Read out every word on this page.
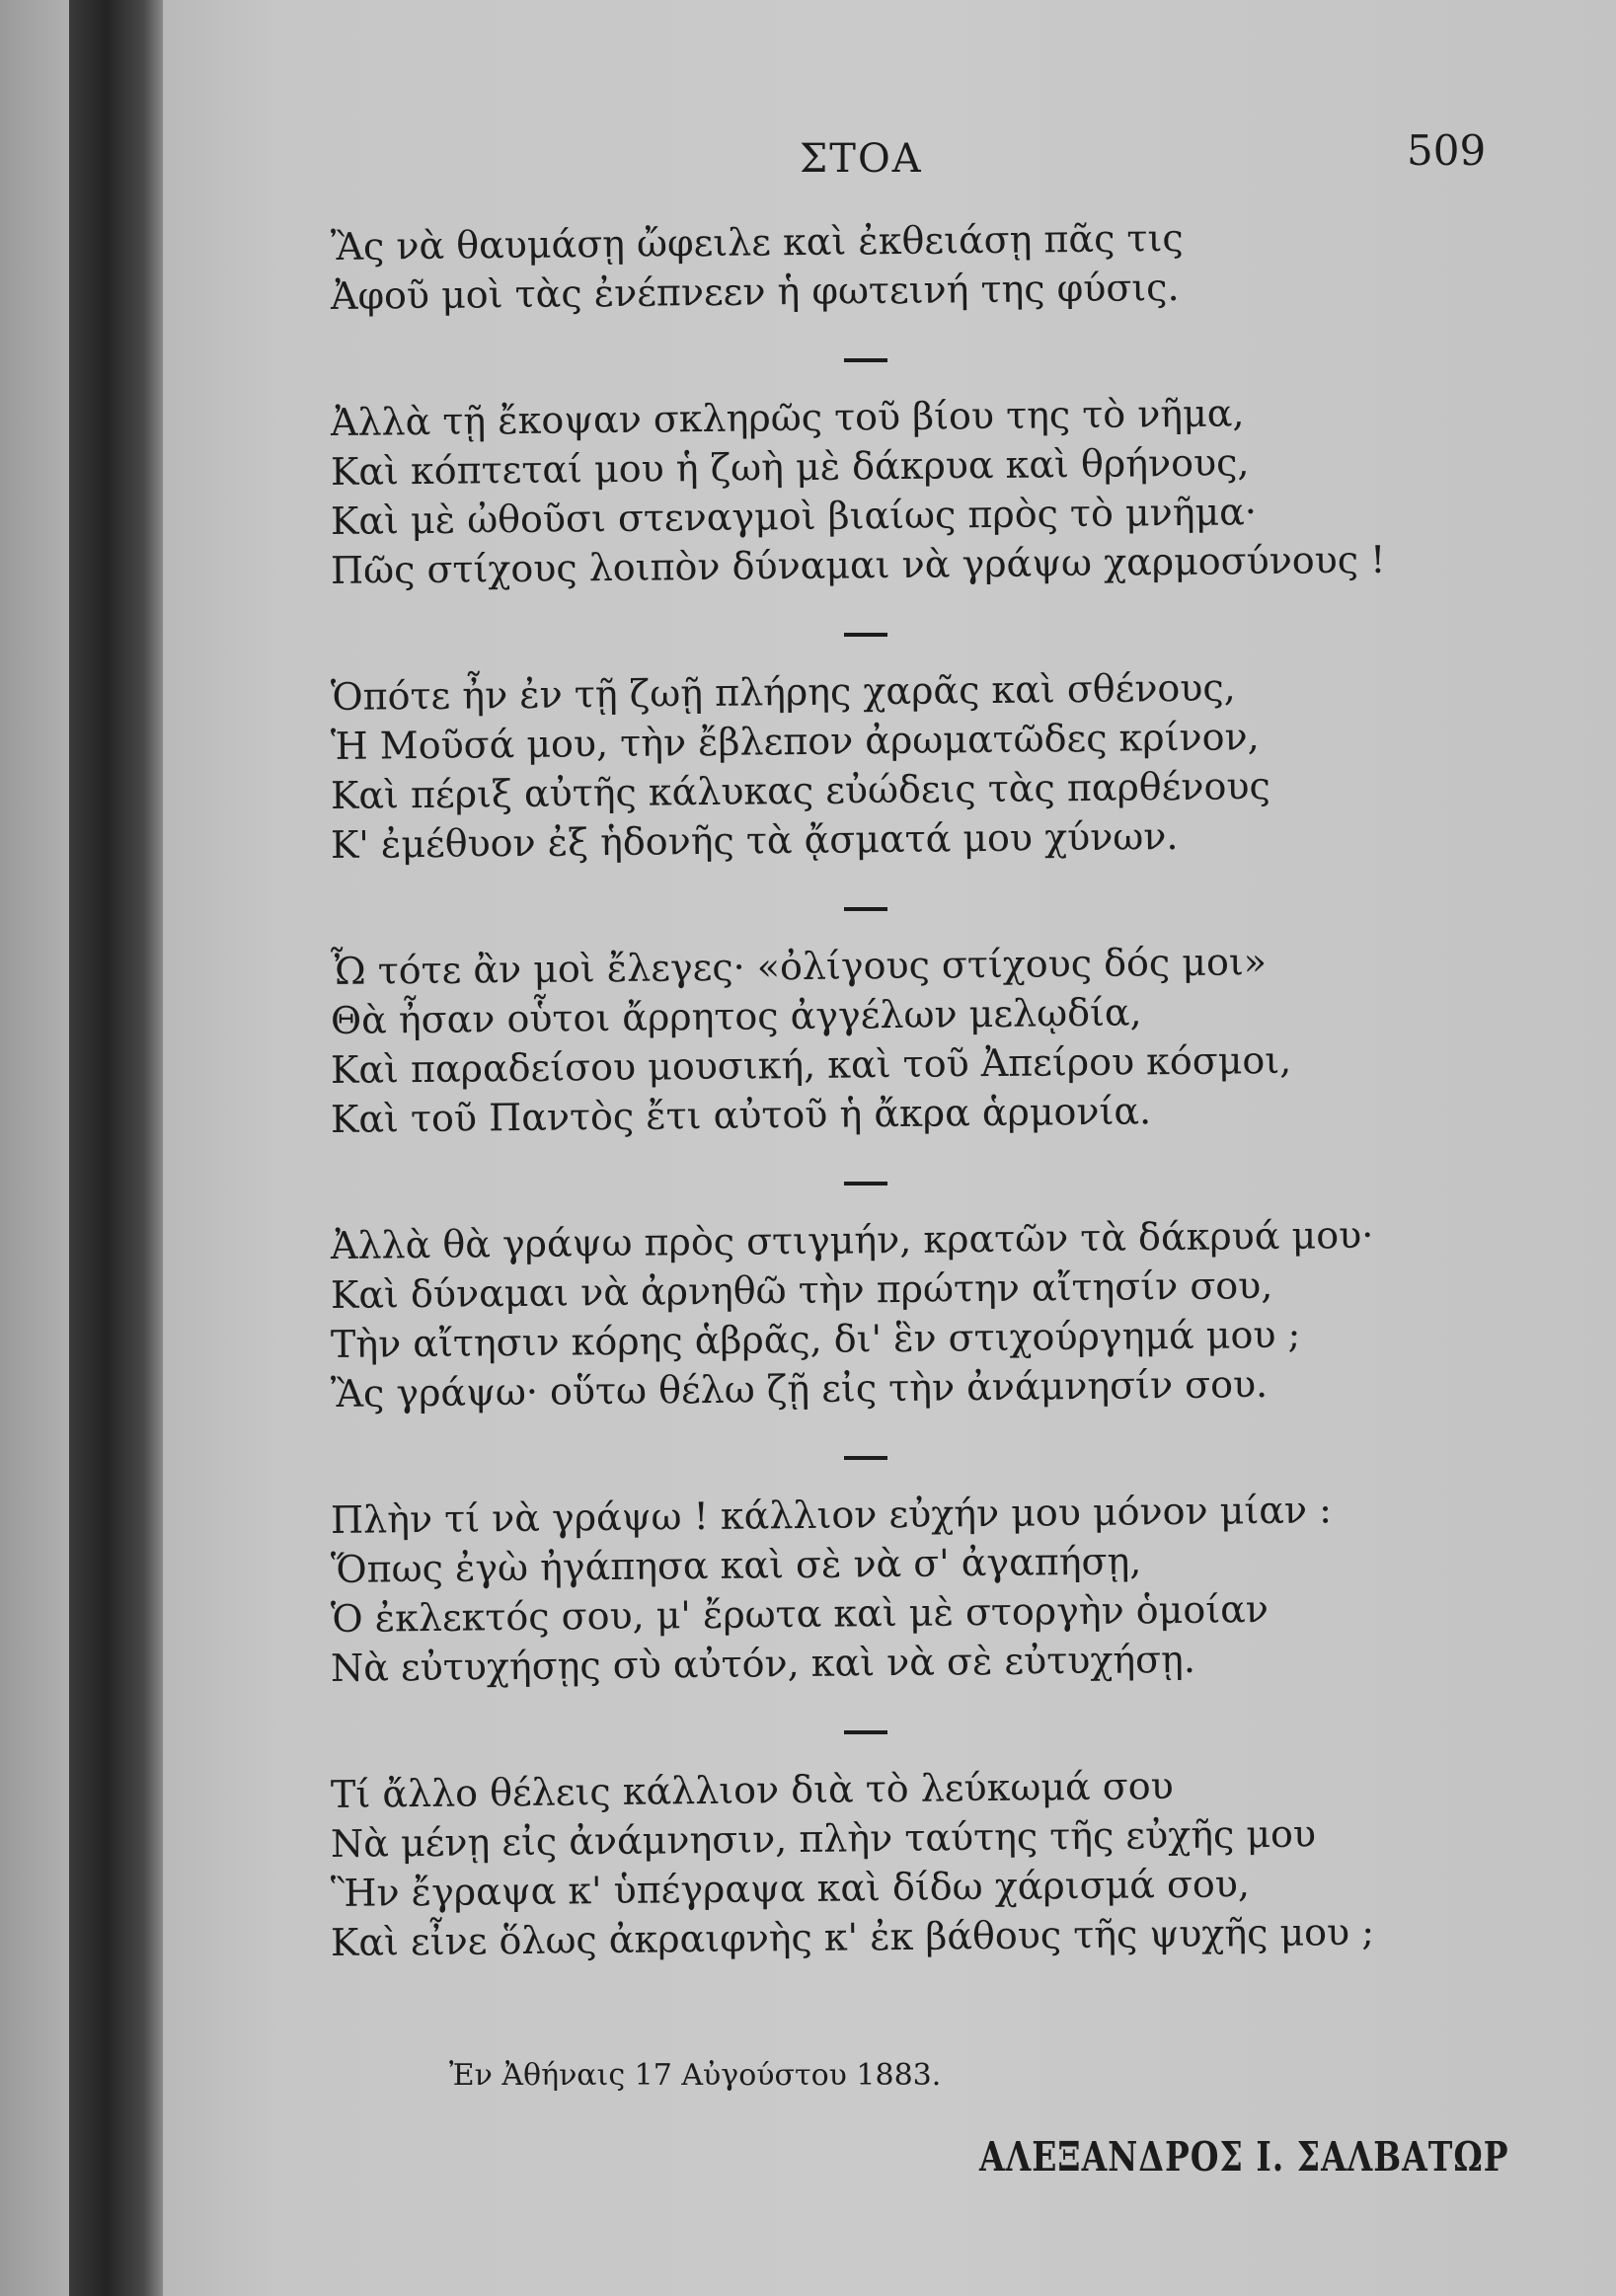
ΣΤΟΑ	509
Ἂς νὰ θαυμάσῃ ὤφειλε καὶ ἐκθειάσῃ πᾶς τις
Ἀφοῦ μοὶ τὰς ἐνέπνεεν ἡ φωτεινή της φύσις.
Ἀλλὰ τῇ ἔκοψαν σκληρῶς τοῦ βίου της τὸ νῆμα,
Καὶ κόπτεταί μου ἡ ζωὴ μὲ δάκρυα καὶ θρήνους,
Καὶ μὲ ὠθοῦσι στεναγμοὶ βιαίως πρὸς τὸ μνῆμα·
Πῶς στίχους λοιπὸν δύναμαι νὰ γράψω χαρμοσύνους !
Ὁπότε ἦν ἐν τῇ ζωῇ πλήρης χαρᾶς καὶ σθένους,
Ἡ Μοῦσά μου, τὴν ἔβλεπον ἀρωματῶδες κρίνον,
Καὶ πέριξ αὐτῆς κάλυκας εὐώδεις τὰς παρθένους
Κ' ἐμέθυον ἐξ ἡδονῆς τὰ ᾄσματά μου χύνων.
Ὦ τότε ἂν μοὶ ἔλεγες· «ὀλίγους στίχους δός μοι»
Θὰ ἦσαν οὗτοι ἄρρητος ἀγγέλων μελῳδία,
Καὶ παραδείσου μουσική, καὶ τοῦ Ἀπείρου κόσμοι,
Καὶ τοῦ Παντὸς ἔτι αὐτοῦ ἡ ἄκρα ἁρμονία.
Ἀλλὰ θὰ γράψω πρὸς στιγμήν, κρατῶν τὰ δάκρυά μου·
Καὶ δύναμαι νὰ ἀρνηθῶ τὴν πρώτην αἴτησίν σου,
Τὴν αἴτησιν κόρης ἁβρᾶς, δι' ἓν στιχούργημά μου ;
Ἂς γράψω· οὕτω θέλω ζῇ εἰς τὴν ἀνάμνησίν σου.
Πλὴν τί νὰ γράψω ! κάλλιον εὐχήν μου μόνον μίαν :
Ὅπως ἐγὼ ἠγάπησα καὶ σὲ νὰ σ' ἀγαπήσῃ,
Ὁ ἐκλεκτός σου, μ' ἔρωτα καὶ μὲ στοργὴν ὁμοίαν
Νὰ εὐτυχήσῃς σὺ αὐτόν, καὶ νὰ σὲ εὐτυχήσῃ.
Τί ἄλλο θέλεις κάλλιον διὰ τὸ λεύκωμά σου
Νὰ μένῃ εἰς ἀνάμνησιν, πλὴν ταύτης τῆς εὐχῆς μου
Ἣν ἔγραψα κ' ὑπέγραψα καὶ δίδω χάρισμά σου,
Καὶ εἶνε ὅλως ἀκραιφνὴς κ' ἐκ βάθους τῆς ψυχῆς μου ;
Ἐν Ἀθήναις 17 Αὐγούστου 1883.
ΑΛΕΞΑΝΔΡΟΣ Ι. ΣΑΛΒΑΤΩΡ
